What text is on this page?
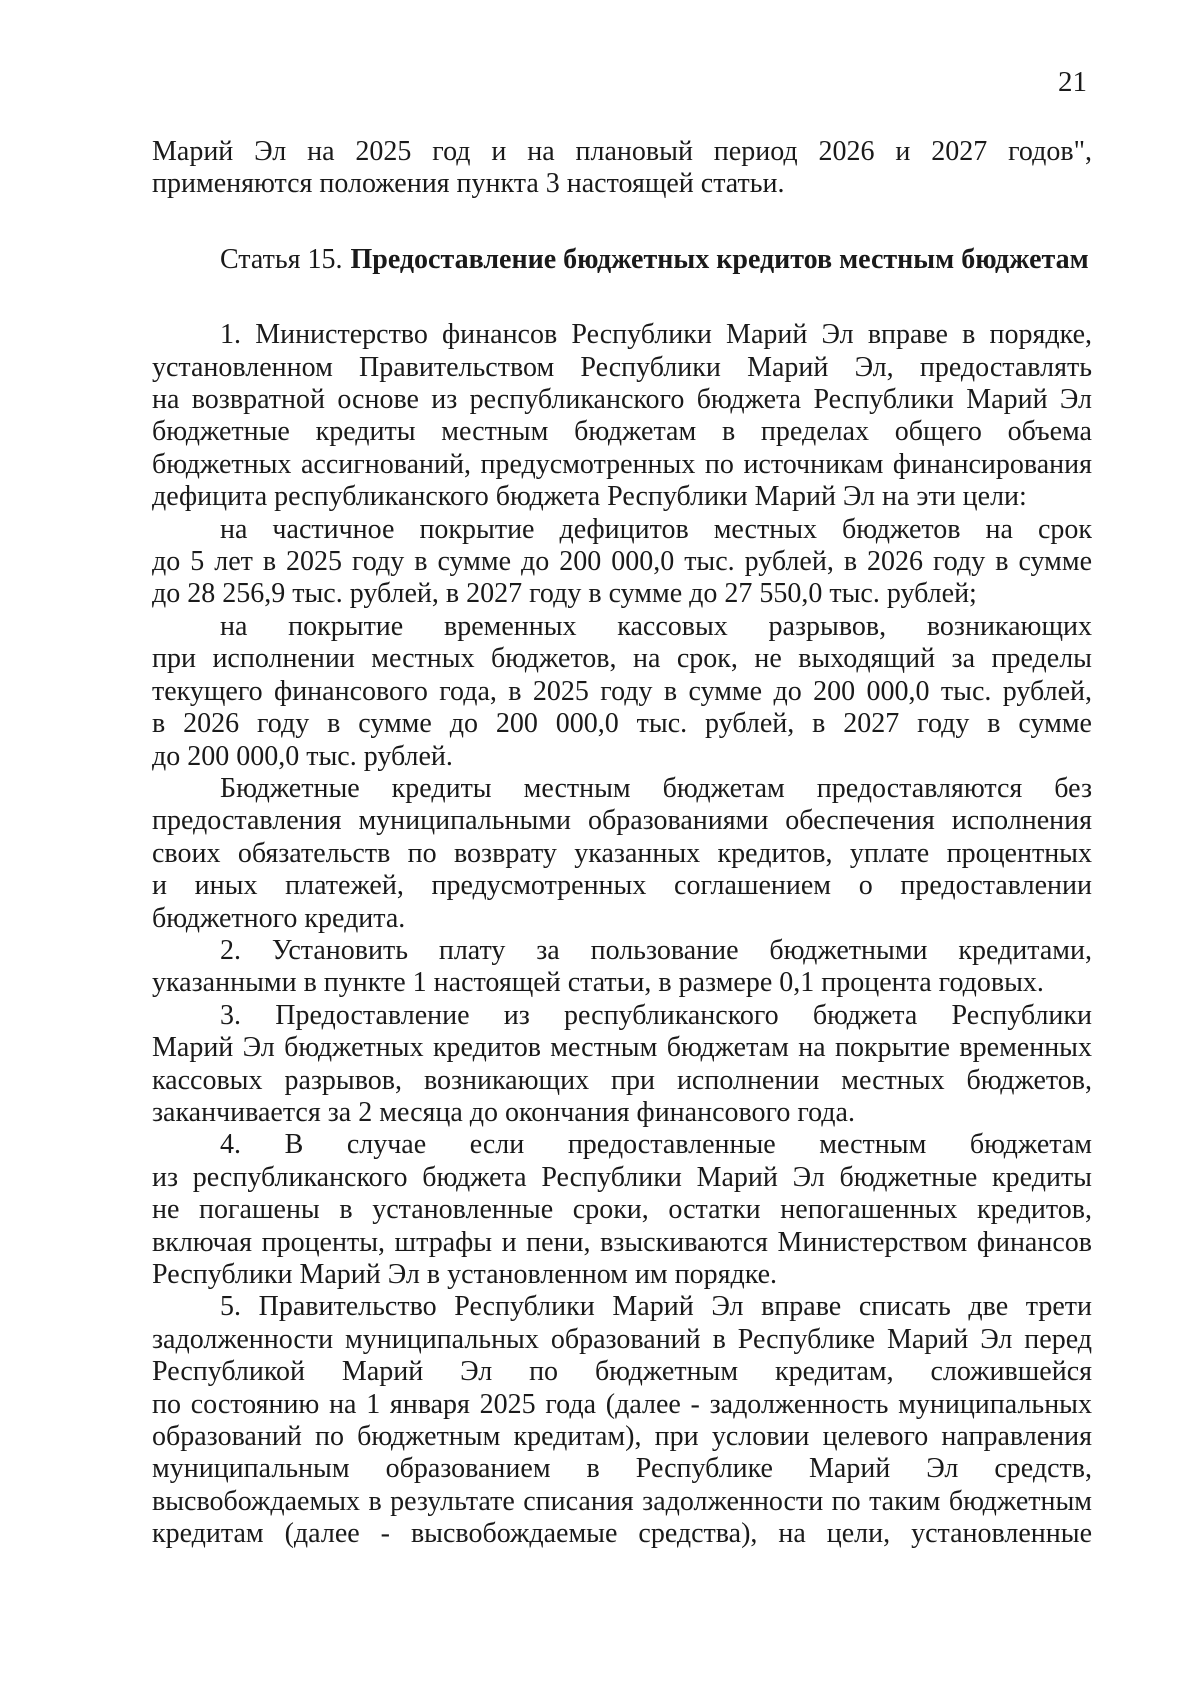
21
Марий Эл на 2025 год и на плановый период 2026 и 2027 годов",
применяются положения пункта 3 настоящей статьи.
Статья 15. Предоставление бюджетных кредитов местным бюджетам
1. Министерство финансов Республики Марий Эл вправе в порядке,
установленном Правительством Республики Марий Эл, предоставлять
на возвратной основе из республиканского бюджета Республики Марий Эл
бюджетные кредиты местным бюджетам в пределах общего объема
бюджетных ассигнований, предусмотренных по источникам финансирования
дефицита республиканского бюджета Республики Марий Эл на эти цели:
на частичное покрытие дефицитов местных бюджетов на срок
до 5 лет в 2025 году в сумме до 200 000,0 тыс. рублей, в 2026 году в сумме
до 28 256,9 тыс. рублей, в 2027 году в сумме до 27 550,0 тыс. рублей;
на покрытие временных кассовых разрывов, возникающих
при исполнении местных бюджетов, на срок, не выходящий за пределы
текущего финансового года, в 2025 году в сумме до 200 000,0 тыс. рублей,
в 2026 году в сумме до 200 000,0 тыс. рублей, в 2027 году в сумме
до 200 000,0 тыс. рублей.
Бюджетные кредиты местным бюджетам предоставляются без
предоставления муниципальными образованиями обеспечения исполнения
своих обязательств по возврату указанных кредитов, уплате процентных
и иных платежей, предусмотренных соглашением о предоставлении
бюджетного кредита.
2. Установить плату за пользование бюджетными кредитами,
указанными в пункте 1 настоящей статьи, в размере 0,1 процента годовых.
3. Предоставление из республиканского бюджета Республики
Марий Эл бюджетных кредитов местным бюджетам на покрытие временных
кассовых разрывов, возникающих при исполнении местных бюджетов,
заканчивается за 2 месяца до окончания финансового года.
4. В случае если предоставленные местным бюджетам
из республиканского бюджета Республики Марий Эл бюджетные кредиты
не погашены в установленные сроки, остатки непогашенных кредитов,
включая проценты, штрафы и пени, взыскиваются Министерством финансов
Республики Марий Эл в установленном им порядке.
5. Правительство Республики Марий Эл вправе списать две трети
задолженности муниципальных образований в Республике Марий Эл перед
Республикой Марий Эл по бюджетным кредитам, сложившейся
по состоянию на 1 января 2025 года (далее - задолженность муниципальных
образований по бюджетным кредитам), при условии целевого направления
муниципальным образованием в Республике Марий Эл средств,
высвобождаемых в результате списания задолженности по таким бюджетным
кредитам (далее - высвобождаемые средства), на цели, установленные
